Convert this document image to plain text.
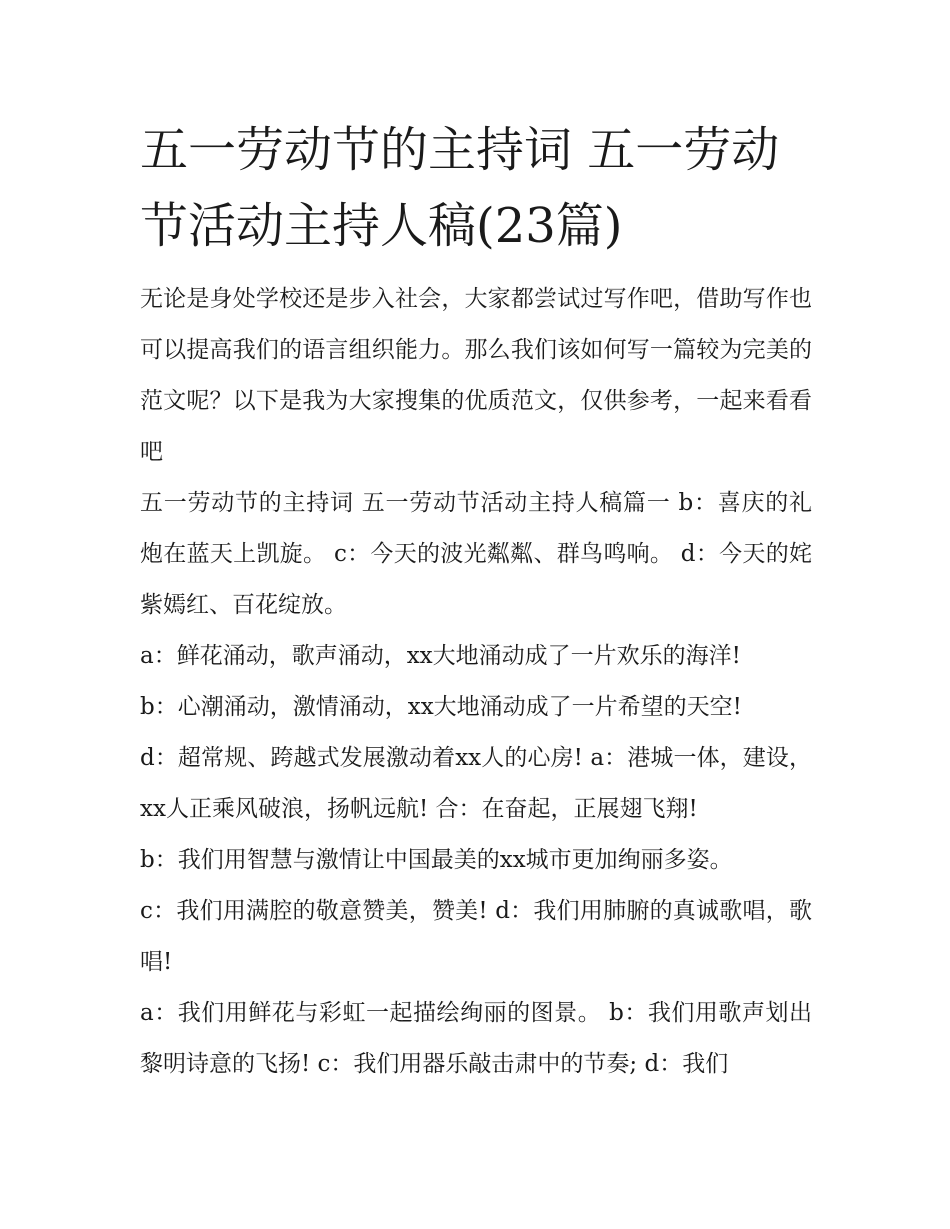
五一劳动节的主持词 五一劳动节活动主持人稿(23篇)

无论是身处学校还是步入社会，大家都尝试过写作吧，借助写作也可以提高我们的语言组织能力。那么我们该如何写一篇较为完美的范文呢？以下是我为大家搜集的优质范文，仅供参考，一起来看看吧

五一劳动节的主持词 五一劳动节活动主持人稿篇一 b：喜庆的礼炮在蓝天上凯旋。 c：今天的波光粼粼、群鸟鸣响。 d：今天的姹紫嫣红、百花绽放。

a：鲜花涌动，歌声涌动，xx大地涌动成了一片欢乐的海洋!

b：心潮涌动，激情涌动，xx大地涌动成了一片希望的天空!

d：超常规、跨越式发展激动着xx人的心房! a：港城一体，建设，xx人正乘风破浪，扬帆远航! 合：在奋起，正展翅飞翔!

b：我们用智慧与激情让中国最美的xx城市更加绚丽多姿。

c：我们用满腔的敬意赞美，赞美! d：我们用肺腑的真诚歌唱，歌唱!

a：我们用鲜花与彩虹一起描绘绚丽的图景。 b：我们用歌声划出黎明诗意的飞扬! c：我们用器乐敲击肃中的节奏; d：我们
